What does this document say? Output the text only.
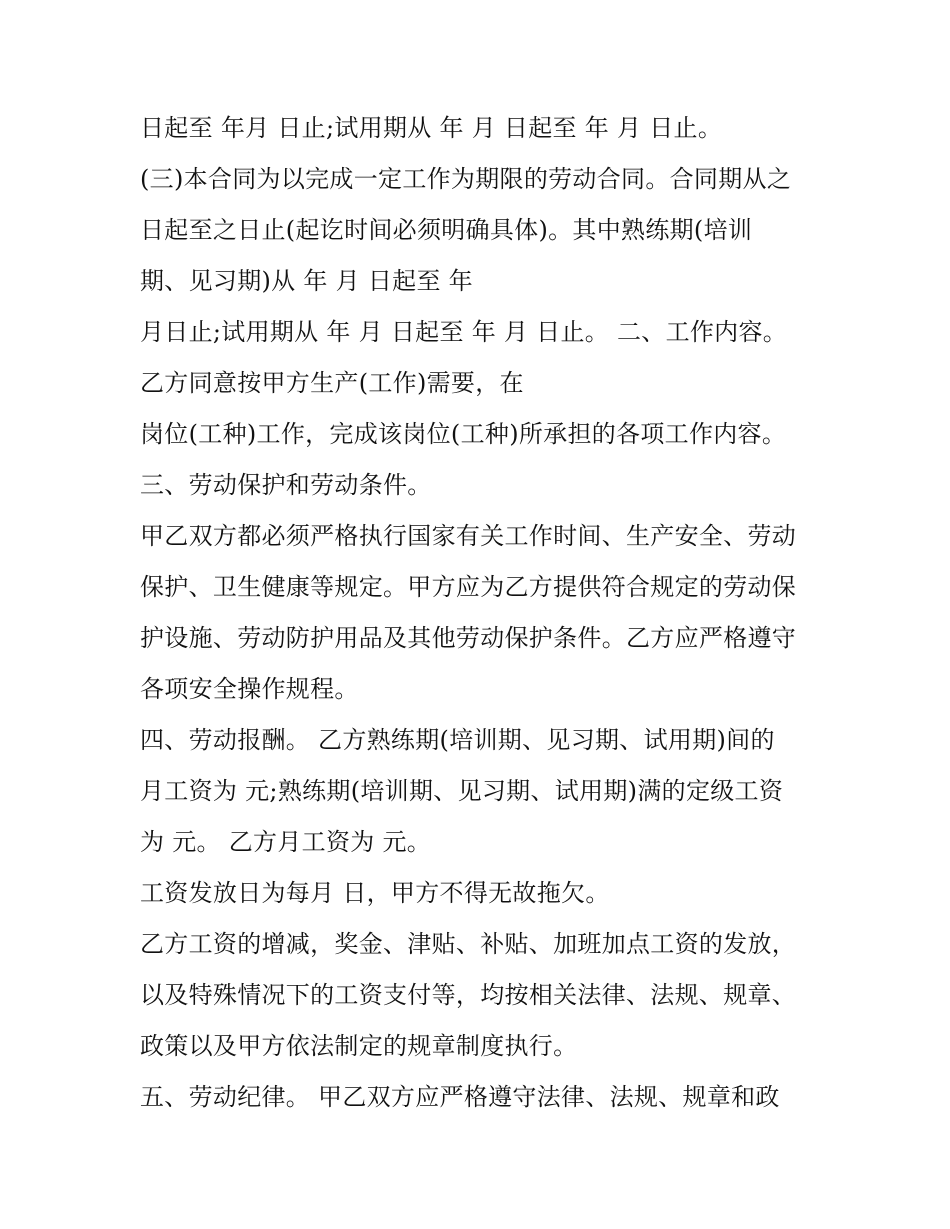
日起至 年月 日止;试用期从 年 月 日起至 年 月 日止。

(三)本合同为以完成一定工作为期限的劳动合同。合同期从之

日起至之日止(起讫时间必须明确具体)。其中熟练期(培训

期、见习期)从 年 月 日起至 年

月日止;试用期从 年 月 日起至 年 月 日止。 二、工作内容。

乙方同意按甲方生产(工作)需要，在

岗位(工种)工作，完成该岗位(工种)所承担的各项工作内容。

三、劳动保护和劳动条件。

甲乙双方都必须严格执行国家有关工作时间、生产安全、劳动

保护、卫生健康等规定。甲方应为乙方提供符合规定的劳动保

护设施、劳动防护用品及其他劳动保护条件。乙方应严格遵守

各项安全操作规程。

四、劳动报酬。 乙方熟练期(培训期、见习期、试用期)间的

月工资为 元;熟练期(培训期、见习期、试用期)满的定级工资

为 元。 乙方月工资为 元。

工资发放日为每月 日，甲方不得无故拖欠。

乙方工资的增减，奖金、津贴、补贴、加班加点工资的发放，

以及特殊情况下的工资支付等，均按相关法律、法规、规章、

政策以及甲方依法制定的规章制度执行。

五、劳动纪律。 甲乙双方应严格遵守法律、法规、规章和政
